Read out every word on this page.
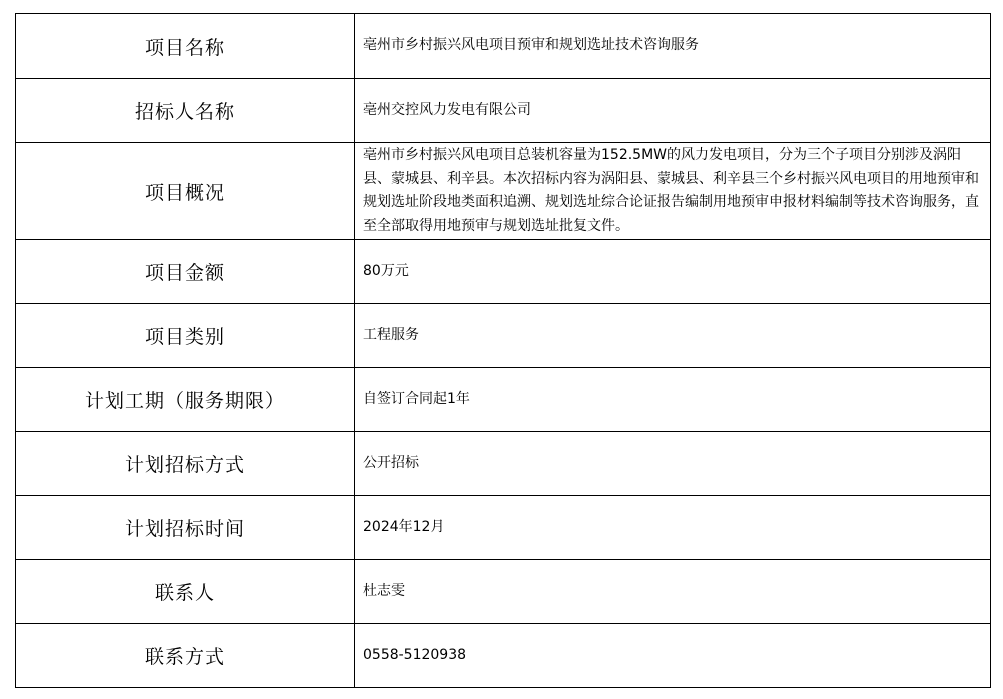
项目名称	亳州市乡村振兴风电项目预审和规划选址技术咨询服务
招标人名称	亳州交控风力发电有限公司
项目概况	亳州市乡村振兴风电项目总装机容量为152.5MW的风力发电项目，分为三个子项目分别涉及涡阳县、蒙城县、利辛县。本次招标内容为涡阳县、蒙城县、利辛县三个乡村振兴风电项目的用地预审和规划选址阶段地类面积追溯、规划选址综合论证报告编制用地预审申报材料编制等技术咨询服务，直至全部取得用地预审与规划选址批复文件。
项目金额	80万元
项目类别	工程服务
计划工期（服务期限）	自签订合同起1年
计划招标方式	公开招标
计划招标时间	2024年12月
联系人	杜志雯
联系方式	0558-5120938
